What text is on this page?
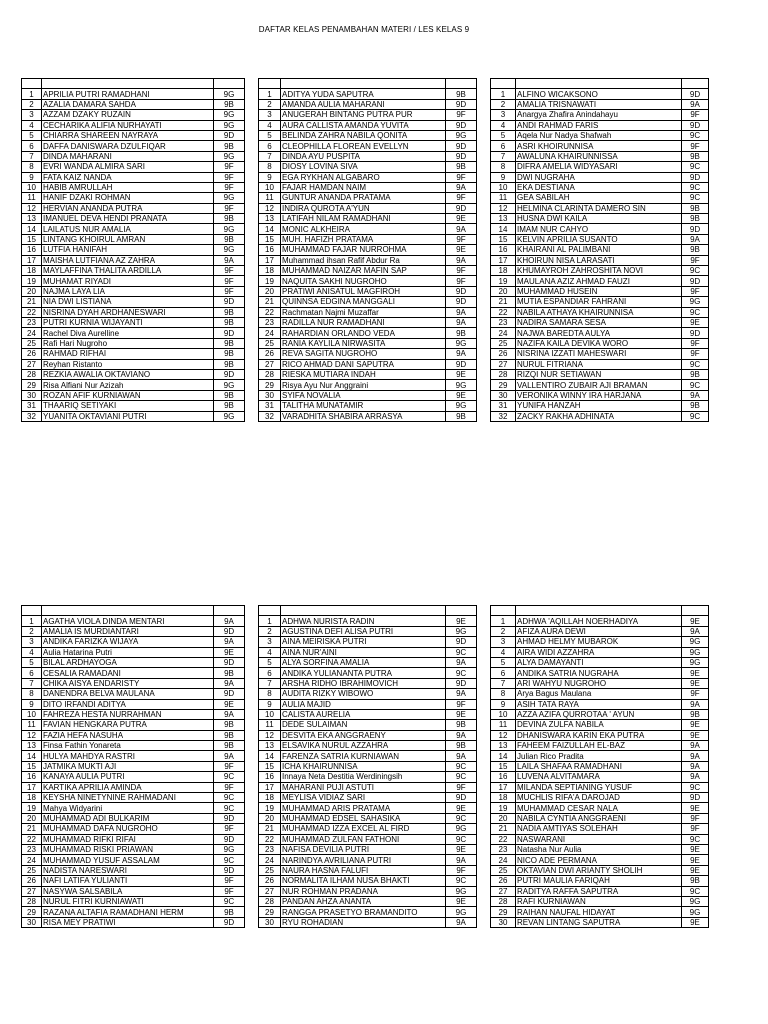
DAFTAR KELAS PENAMBAHAN MATERI / LES KELAS 9

1	APRILIA PUTRI RAMADHANI	9G
2	AZALIA DAMARA SAHDA	9B
3	AZZAM DZAKY RUZAIN	9G
4	CECHARIKA ALIFIA NURHAYATI	9G
5	CHIARRA SHAREEN NAYRAYA	9D
6	DAFFA DANISWARA DZULFIQAR	9B
7	DINDA MAHARANI	9G
8	EVRI WANDA ALMIRA SARI	9F
9	FATA KAIZ NANDA	9F
10	HABIB AMRULLAH	9F
11	HANIF DZAKI ROHMAN	9G
12	HERVIAN ANANDA PUTRA	9F
13	IMANUEL DEVA HENDI PRANATA	9B
14	LAILATUS NUR AMALIA	9G
15	LINTANG KHOIRUL AMRAN	9B
16	LUTFIA HANIFAH	9G
17	MAISHA LUTFIANA AZ ZAHRA	9A
18	MAYLAFFINA THALITA ARDILLA	9F
19	MUHAMAT RIYADI	9F
20	NAJMA LAYA LIA	9F
21	NIA DWI LISTIANA	9D
22	NISRINA DYAH ARDHANESWARI	9B
23	PUTRI KURNIA WIJAYANTI	9B
24	Rachel Diva Aurelline	9D
25	Rafi Hari Nugroho	9B
26	RAHMAD RIFHAI	9B
27	Reyhan Ristanto	9B
28	REZKIA AWALIA OKTAVIANO	9D
29	Risa Alfiani Nur Azizah	9G
30	ROZAN AFIF KURNIAWAN	9B
31	THAARIQ SETIYAKI	9B
32	YUANITA OKTAVIANI PUTRI	9G

1	ADITYA YUDA SAPUTRA	9B
2	AMANDA AULIA MAHARANI	9D
3	ANUGERAH BINTANG PUTRA PUR	9F
4	AURA CALLISTA AMANDA YUVITA	9D
5	BELINDA ZAHRA NABILA QONITA	9G
6	CLEOPHILLA FLOREAN EVELLYN	9D
7	DINDA AYU PUSPITA	9D
8	DIOSY LOVINA SIVA	9B
9	EGA RYKHAN ALGABARO	9F
10	FAJAR HAMDAN NAIM	9A
11	GUNTUR ANANDA PRATAMA	9F
12	INDIRA QUROTA A'YUN	9D
13	LATIFAH NILAM RAMADHANI	9E
14	MONIC ALKHEIRA	9A
15	MUH. HAFIZH PRATAMA	9F
16	MUHAMMAD FAJAR NURROHMA	9E
17	Muhammad ihsan Rafif Abdur Ra	9A
18	MUHAMMAD NAIZAR MAFIN SAP	9F
19	NAQUITA SAKHI NUGROHO	9F
20	PRATIWI ANISATUL MAGFIROH	9D
21	QUINNSA EDGINA MANGGALI	9D
22	Rachmatan Najmi Muzaffar	9A
23	RADILLA NUR RAMADHANI	9A
24	RAHARDIAN ORLANDO VEDA	9B
25	RANIA KAYLILA NIRWASITA	9G
26	REVA SAGITA NUGROHO	9A
27	RICO AHMAD DANI SAPUTRA	9D
28	RIESKA MUTIARA INDAH	9E
29	Risya Ayu Nur Anggraini	9G
30	SYIFA NOVALIA	9E
31	TALITHA MUNATAMIR	9G
32	VARADHITA SHABIRA ARRASYA	9B

1	ALFINO WICAKSONO	9D
2	AMALIA TRISNAWATI	9A
3	Anargya Zhafira Anindahayu	9F
4	ANDI RAHMAD FARIS	9D
5	Aqela Nur Nadya Shafwah	9C
6	ASRI KHOIRUNNISA	9F
7	AWALUNA KHAIRUNNISSA	9B
8	DIFRA AMELIA WIDYASARI	9C
9	DWI NUGRAHA	9D
10	EKA DESTIANA	9C
11	GEA SABILAH	9C
12	HELMINA CLARINTA DAMERO SIN	9B
13	HUSNA DWI KAILA	9B
14	IMAM NUR CAHYO	9D
15	KELVIN APRILIA SUSANTO	9A
16	KHAIRANI AL PALIMBANI	9B
17	KHOIRUN NISA LARASATI	9F
18	KHUMAYROH ZAHROSHITA NOVI	9C
19	MAULANA AZIZ AHMAD FAUZI	9D
20	MUHAMMAD HUSEIN	9F
21	MUTIA ESPANDIAR FAHRANI	9G
22	NABILA ATHAYA KHAIRUNNISA	9C
23	NADIRA SAMARA SESA	9E
24	NAJWA BAREDTA AULYA	9D
25	NAZIFA KAILA DEVIKA WORO	9F
26	NISRINA IZZATI MAHESWARI	9F
27	NURUL FITRIANA	9C
28	RIZQI NUR SETIAWAN	9B
29	VALLENTIRO ZUBAIR AJI BRAMAN	9C
30	VERONIKA WINNY IRA HARJANA	9A
31	YUNIFA HANZAH	9B
32	ZACKY RAKHA ADHINATA	9C

1	AGATHA VIOLA DINDA MENTARI	9A
2	AMALIA IS MURDIANTARI	9D
3	ANDIKA FARIZKA WIJAYA	9A
4	Aulia Hatarina Putri	9E
5	BILAL ARDHAYOGA	9D
6	CESALIA RAMADANI	9B
7	CHIKA AISYA ENDARISTY	9A
8	DANENDRA BELVA MAULANA	9D
9	DITO IRFANDI ADITYA	9E
10	FAHREZA HESTA NURRAHMAN	9A
11	FAVIAN HENGKARA PUTRA	9B
12	FAZIA HEFA NASUHA	9B
13	Finsa Fathin Yonareta	9B
14	HULYA MAHDYA RASTRI	9A
15	JATMIKA MUKTI AJI	9F
16	KANAYA AULIA PUTRI	9C
17	KARTIKA APRILIA AMINDA	9F
18	KEYSHA NINETYNINE RAHMADANI	9C
19	Mahya Widyarini	9C
20	MUHAMMAD ADI BULKARIM	9D
21	MUHAMMAD DAFA NUGROHO	9F
22	MUHAMMAD RIFKI RIFAI	9D
23	MUHAMMAD RISKI PRIAWAN	9G
24	MUHAMMAD YUSUF ASSALAM	9C
25	NADISTA NARESWARI	9D
26	NAFI LATIFA YULIANTI	9F
27	NASYWA SALSABILA	9F
28	NURUL FITRI KURNIAWATI	9C
29	RAZANA ALTAFIA RAMADHANI HERM	9B
30	RISA MEY PRATIWI	9D

1	ADHWA NURISTA RADIN	9E
2	AGUSTINA DEFI ALISA PUTRI	9G
3	AINA MEIRISKA PUTRI	9D
4	AINA NUR'AINI	9C
5	ALYA SORFINA AMALIA	9A
6	ANDIKA YULIANANTA PUTRA	9C
7	ARSHA RIDHO IBRAHIMOVICH	9D
8	AUDITA RIZKY WIBOWO	9A
9	AULIA MAJID	9F
10	CALISTA AURELIA	9E
11	DEDE SULAIMAN	9B
12	DESVITA EKA ANGGRAENY	9A
13	ELSAVIKA NURUL AZZAHRA	9B
14	FARENZA SATRIA KURNIAWAN	9A
15	ICHA KHAIRUNNISA	9C
16	Innaya Neta Destitia Werdiningsih	9C
17	MAHARANI PUJI ASTUTI	9F
18	MEYLISA VIDIAZ SARI	9D
19	MUHAMMAD ARIS PRATAMA	9E
20	MUHAMMAD EDSEL SAHASIKA	9C
21	MUHAMMAD IZZA EXCEL AL FIRD	9G
22	MUHAMMAD ZULFAN FATHONI	9C
23	NAFISA DEVILIA PUTRI	9E
24	NARINDYA AVRILIANA PUTRI	9A
25	NAURA HASNA FALUFI	9F
26	NORMALITA ILHAM NUSA BHAKTI	9C
27	NUR ROHMAN PRADANA	9G
28	PANDAN AHZA ANANTA	9E
29	RANGGA PRASETYO BRAMANDITO	9G
30	RYU ROHADIAN	9A

1	ADHWA 'AQILLAH NOERHADIYA	9E
2	AFIZA AURA DEWI	9A
3	AHMAD HELMY MUBAROK	9G
4	AIRA WIDI AZZAHRA	9G
5	ALYA DAMAYANTI	9G
6	ANDIKA SATRIA NUGRAHA	9E
7	ARI WAHYU NUGROHO	9E
8	Arya Bagus Maulana	9F
9	ASIH TATA RAYA	9A
10	AZZA AZIFA QURROTAA ' AYUN	9B
11	DEVINA ZULFA NABILA	9E
12	DHANISWARA KARIN EKA PUTRA	9E
13	FAHEEM FAIZULLAH EL-BAZ	9A
14	Julian Rico Pradita	9A
15	LAILA SHAFAA RAMADHANI	9A
16	LUVENA ALVITAMARA	9A
17	MILANDA SEPTIANING YUSUF	9C
18	MUCHLIS RIFA'A DAROJAD	9D
19	MUHAMMAD CESAR NALA	9E
20	NABILA CYNTIA ANGGRAENI	9F
21	NADIA AMTIYAS SOLEHAH	9F
22	NASWARANI	9C
23	Natasha Nur Aulia	9E
24	NICO ADE PERMANA	9E
25	OKTAVIAN DWI ARIANTY SHOLIH	9E
26	PUTRI MAULIA FARIQAH	9B
27	RADITYA RAFFA SAPUTRA	9C
28	RAFI KURNIAWAN	9G
29	RAIHAN NAUFAL HIDAYAT	9G
30	REVAN LINTANG SAPUTRA	9E
